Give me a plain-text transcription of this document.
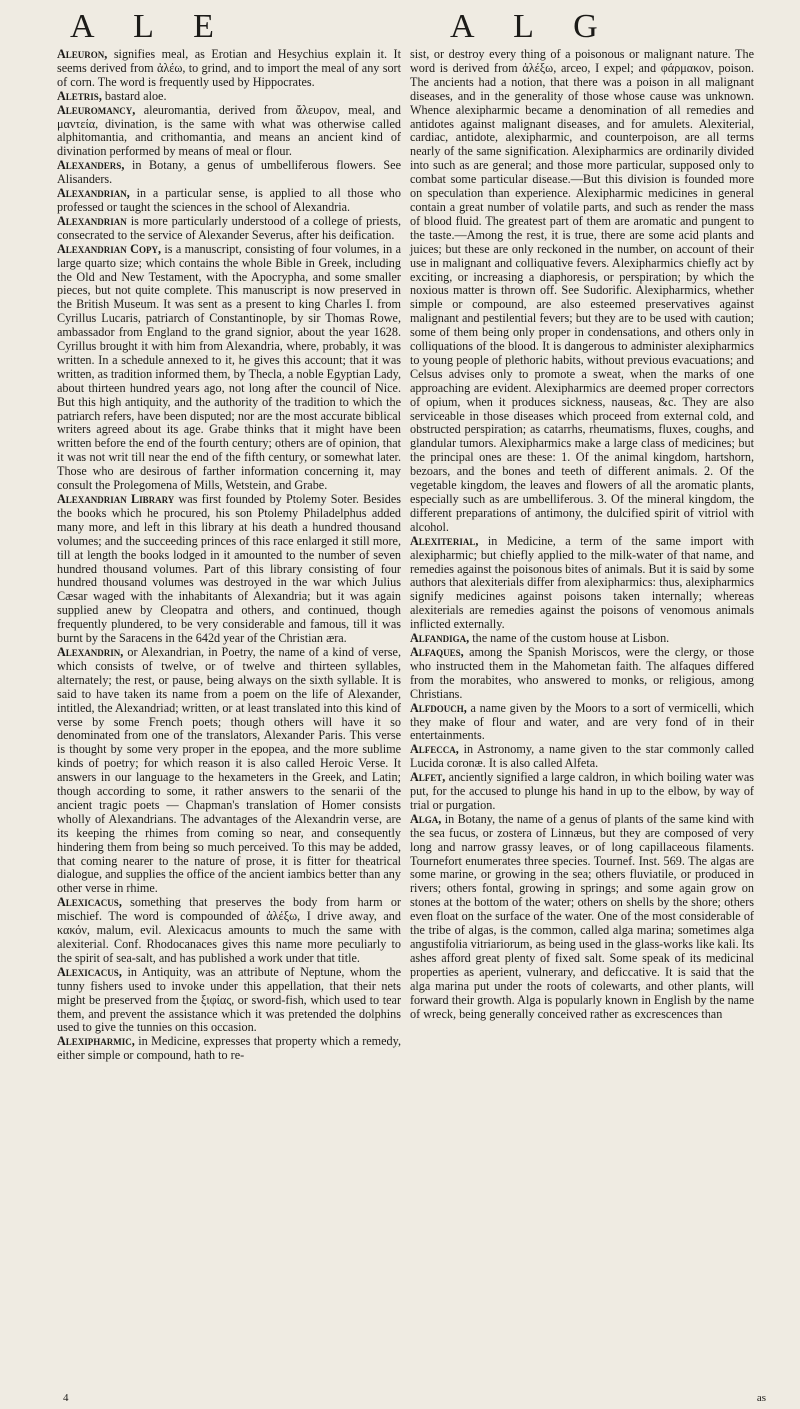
A L E	A L G

Aleuron, signifies meal, as Erotian and Hesychius explain it. It seems derived from ἀλέω, to grind, and to import the meal of any sort of corn. The word is frequently used by Hippocrates.

Aletris, bastard aloe.

Aleuromancy, aleuromantia, derived from ἄλευρον, meal, and μαντεία, divination, is the same with what was otherwise called alphitomantia, and crithomantia, and means an ancient kind of divination performed by means of meal or flour.

Alexanders, in Botany, a genus of umbelliferous flowers. See Alisanders.

Alexandrian, in a particular sense, is applied to all those who professed or taught the sciences in the school of Alexandria.

Alexandrian is more particularly understood of a college of priests, consecrated to the service of Alexander Severus, after his deification.

Alexandrian Copy, is a manuscript, consisting of four volumes, in a large quarto size; which contains the whole Bible in Greek, including the Old and New Testament, with the Apocrypha, and some smaller pieces, but not quite complete. This manuscript is now preserved in the British Museum. It was sent as a present to king Charles I. from Cyrillus Lucaris, patriarch of Constantinople, by sir Thomas Rowe, ambassador from England to the grand signior, about the year 1628. Cyrillus brought it with him from Alexandria, where, probably, it was written. In a schedule annexed to it, he gives this account; that it was written, as tradition informed them, by Thecla, a noble Egyptian Lady, about thirteen hundred years ago, not long after the council of Nice. But this high antiquity, and the authority of the tradition to which the patriarch refers, have been disputed; nor are the most accurate biblical writers agreed about its age. Grabe thinks that it might have been written before the end of the fourth century; others are of opinion, that it was not writ till near the end of the fifth century, or somewhat later. Those who are desirous of farther information concerning it, may consult the Prolegomena of Mills, Wetstein, and Grabe.

Alexandrian Library was first founded by Ptolemy Soter. Besides the books which he procured, his son Ptolemy Philadelphus added many more, and left in this library at his death a hundred thousand volumes; and the succeeding princes of this race enlarged it still more, till at length the books lodged in it amounted to the number of seven hundred thousand volumes. Part of this library consisting of four hundred thousand volumes was destroyed in the war which Julius Cæsar waged with the inhabitants of Alexandria; but it was again supplied anew by Cleopatra and others, and continued, though frequently plundered, to be very considerable and famous, till it was burnt by the Saracens in the 642d year of the Christian æra.

Alexandrin, or Alexandrian, in Poetry, the name of a kind of verse, which consists of twelve, or of twelve and thirteen syllables, alternately; the rest, or pause, being always on the sixth syllable. It is said to have taken its name from a poem on the life of Alexander, intitled, the Alexandriad; written, or at least translated into this kind of verse by some French poets; though others will have it so denominated from one of the translators, Alexander Paris. This verse is thought by some very proper in the epopea, and the more sublime kinds of poetry; for which reason it is also called Heroic Verse. It answers in our language to the hexameters in the Greek, and Latin; though according to some, it rather answers to the senarii of the ancient tragic poets — Chapman's translation of Homer consists wholly of Alexandrians. The advantages of the Alexandrin verse, are its keeping the rhimes from coming so near, and consequently hindering them from being so much perceived. To this may be added, that coming nearer to the nature of prose, it is fitter for theatrical dialogue, and supplies the office of the ancient iambics better than any other verse in rhime.

Alexicacus, something that preserves the body from harm or mischief. The word is compounded of ἀλέξω, I drive away, and κακόν, malum, evil. Alexicacus amounts to much the same with alexiterial. Conf. Rhodocanaces gives this name more peculiarly to the spirit of sea-salt, and has published a work under that title.

Alexicacus, in Antiquity, was an attribute of Neptune, whom the tunny fishers used to invoke under this appellation, that their nets might be preserved from the ξιφίας, or sword-fish, which used to tear them, and prevent the assistance which it was pretended the dolphins used to give the tunnies on this occasion.

Alexipharmic, in Medicine, expresses that property which a remedy, either simple or compound, hath to re-

sist, or destroy every thing of a poisonous or malignant nature. The word is derived from ἀλέξω, arceo, I expel; and φάρμακον, poison. The ancients had a notion, that there was a poison in all malignant diseases, and in the generality of those whose cause was unknown. Whence alexipharmic became a denomination of all remedies and antidotes against malignant diseases, and for amulets. Alexiterial, cardiac, antidote, alexipharmic, and counterpoison, are all terms nearly of the same signification. Alexipharmics are ordinarily divided into such as are general; and those more particular, supposed only to combat some particular disease.—But this division is founded more on speculation than experience. Alexipharmic medicines in general contain a great number of volatile parts, and such as render the mass of blood fluid. The greatest part of them are aromatic and pungent to the taste.—Among the rest, it is true, there are some acid plants and juices; but these are only reckoned in the number, on account of their use in malignant and colliquative fevers. Alexipharmics chiefly act by exciting, or increasing a diaphoresis, or perspiration; by which the noxious matter is thrown off. See Sudorific. Alexipharmics, whether simple or compound, are also esteemed preservatives against malignant and pestilential fevers; but they are to be used with caution; some of them being only proper in condensations, and others only in colliquations of the blood. It is dangerous to administer alexipharmics to young people of plethoric habits, without previous evacuations; and Celsus advises only to promote a sweat, when the marks of one approaching are evident. Alexipharmics are deemed proper correctors of opium, when it produces sickness, nauseas, &c. They are also serviceable in those diseases which proceed from external cold, and obstructed perspiration; as catarrhs, rheumatisms, fluxes, coughs, and glandular tumors. Alexipharmics make a large class of medicines; but the principal ones are these: 1. Of the animal kingdom, hartshorn, bezoars, and the bones and teeth of different animals. 2. Of the vegetable kingdom, the leaves and flowers of all the aromatic plants, especially such as are umbelliferous. 3. Of the mineral kingdom, the different preparations of antimony, the dulcified spirit of vitriol with alcohol.

Alexiterial, in Medicine, a term of the same import with alexipharmic; but chiefly applied to the milk-water of that name, and remedies against the poisonous bites of animals. But it is said by some authors that alexiterials differ from alexipharmics: thus, alexipharmics signify medicines against poisons taken internally; whereas alexiterials are remedies against the poisons of venomous animals inflicted externally.

Alfandiga, the name of the custom house at Lisbon.

Alfaques, among the Spanish Moriscos, were the clergy, or those who instructed them in the Mahometan faith. The alfaques differed from the morabites, who answered to monks, or religious, among Christians.

Alfdouch, a name given by the Moors to a sort of vermicelli, which they make of flour and water, and are very fond of in their entertainments.

Alfecca, in Astronomy, a name given to the star commonly called Lucida coronæ. It is also called Alfeta.

Alfet, anciently signified a large caldron, in which boiling water was put, for the accused to plunge his hand in up to the elbow, by way of trial or purgation.

Alga, in Botany, the name of a genus of plants of the same kind with the sea fucus, or zostera of Linnæus, but they are composed of very long and narrow grassy leaves, or of long capillaceous filaments. Tournefort enumerates three species. Tournef. Inst. 569. The algas are some marine, or growing in the sea; others fluviatile, or produced in rivers; others fontal, growing in springs; and some again grow on stones at the bottom of the water; others on shells by the shore; others even float on the surface of the water. One of the most considerable of the tribe of algas, is the common, called alga marina; sometimes alga angustifolia vitriariorum, as being used in the glass-works like kali. Its ashes afford great plenty of fixed salt. Some speak of its medicinal properties as aperient, vulnerary, and deficcative. It is said that the alga marina put under the roots of colewarts, and other plants, will forward their growth. Alga is popularly known in English by the name of wreck, being generally conceived rather as excrescences than

4	as
